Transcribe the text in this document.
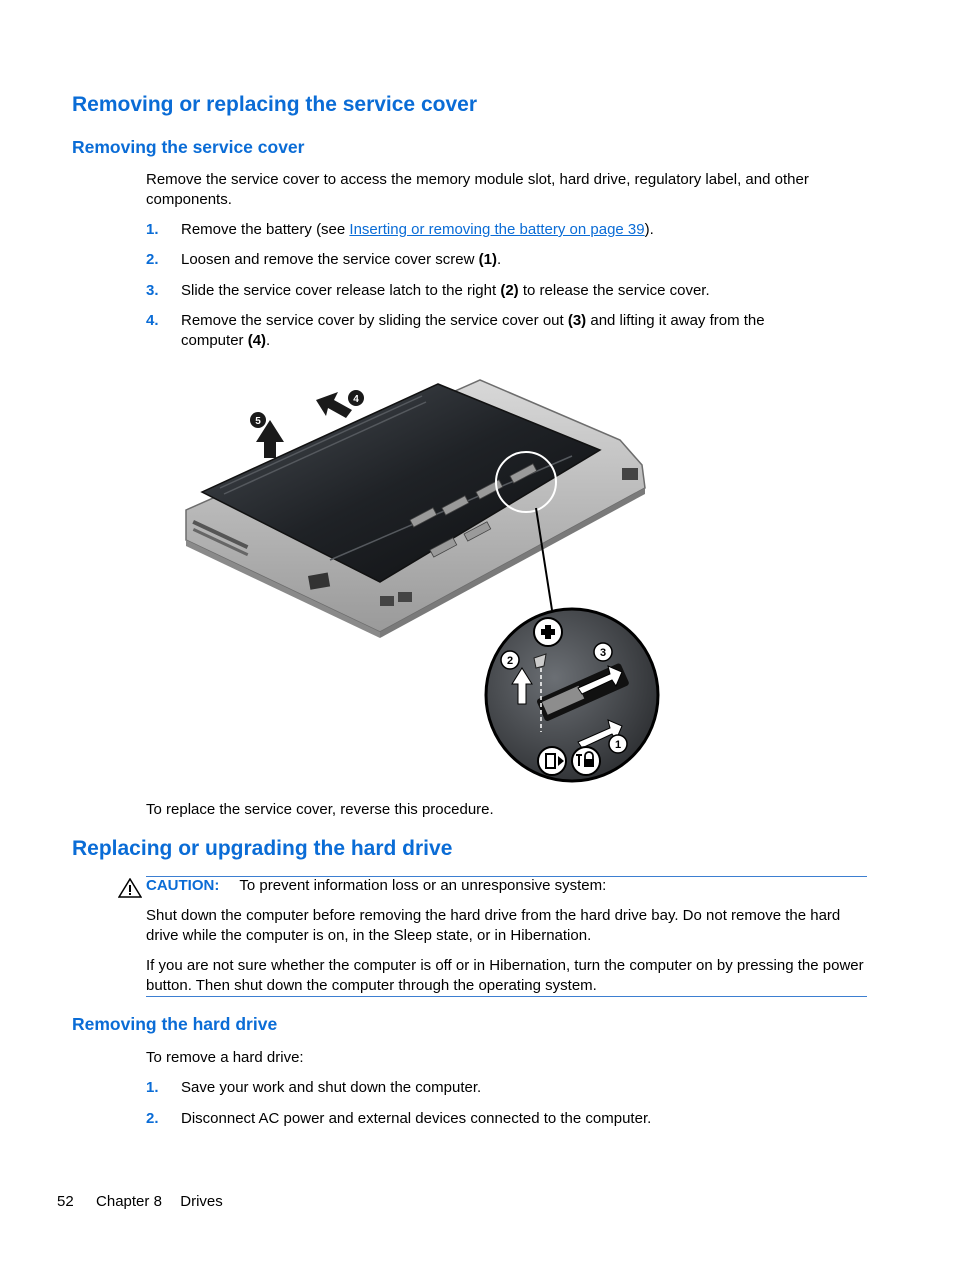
Removing or replacing the service cover
Removing the service cover

Remove the service cover to access the memory module slot, hard drive, regulatory label, and other components.

1. Remove the battery (see Inserting or removing the battery on page 39).
2. Loosen and remove the service cover screw (1).
3. Slide the service cover release latch to the right (2) to release the service cover.
4. Remove the service cover by sliding the service cover out (3) and lifting it away from the computer (4).
5
4
2
3
1

To replace the service cover, reverse this procedure.

Replacing or upgrading the hard drive

CAUTION: To prevent information loss or an unresponsive system:

Shut down the computer before removing the hard drive from the hard drive bay. Do not remove the hard drive while the computer is on, in the Sleep state, or in Hibernation.

If you are not sure whether the computer is off or in Hibernation, turn the computer on by pressing the power button. Then shut down the computer through the operating system.

Removing the hard drive

To remove a hard drive:

1. Save your work and shut down the computer.
2. Disconnect AC power and external devices connected to the computer.
52 Chapter 8 Drives
